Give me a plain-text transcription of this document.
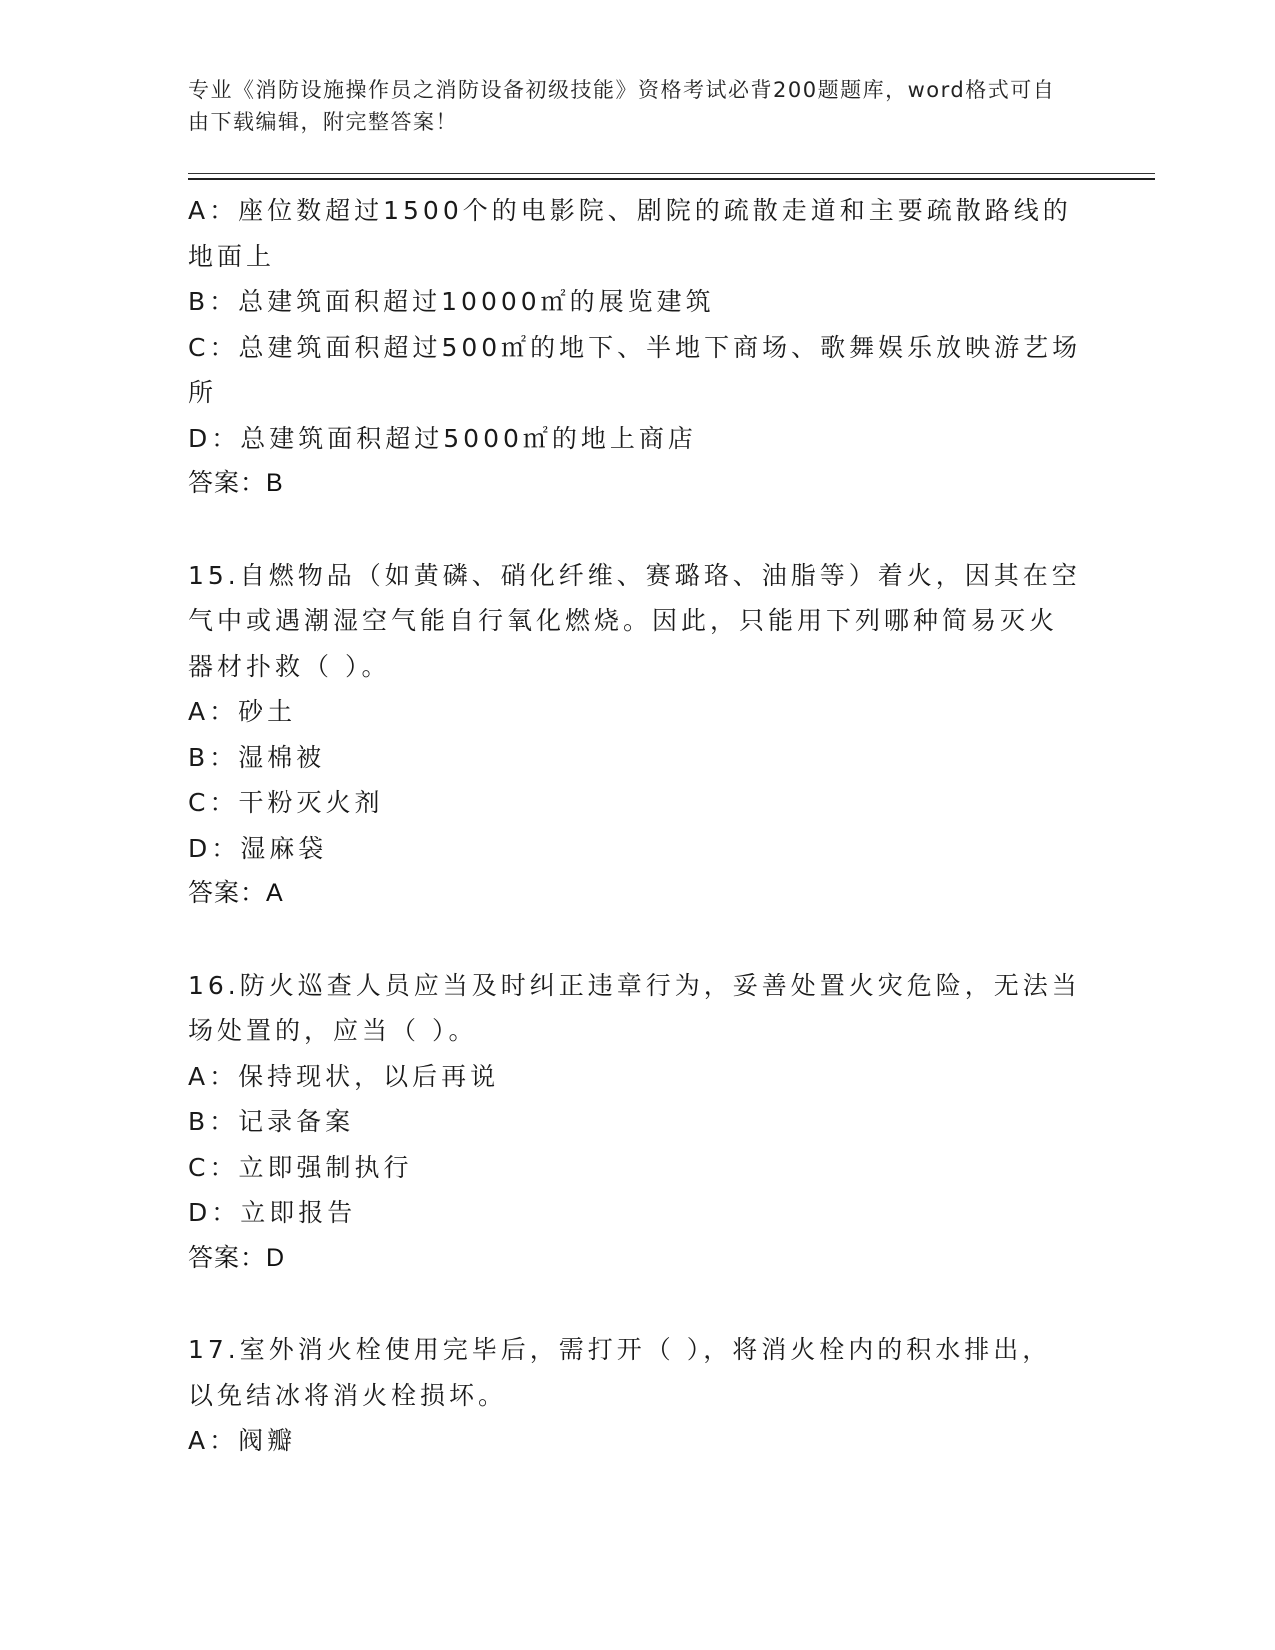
专业《消防设施操作员之消防设备初级技能》资格考试必背200题题库，word格式可自由下载编辑，附完整答案！
A：座位数超过1500个的电影院、剧院的疏散走道和主要疏散路线的
地面上
B：总建筑面积超过10000㎡的展览建筑
C：总建筑面积超过500㎡的地下、半地下商场、歌舞娱乐放映游艺场
所
D：总建筑面积超过5000㎡的地上商店
答案：B
15.自燃物品（如黄磷、硝化纤维、赛璐珞、油脂等）着火，因其在空
气中或遇潮湿空气能自行氧化燃烧。因此，只能用下列哪种简易灭火
器材扑救（ ）。
A：砂土
B：湿棉被
C：干粉灭火剂
D：湿麻袋
答案：A
16.防火巡查人员应当及时纠正违章行为，妥善处置火灾危险，无法当
场处置的，应当（ ）。
A：保持现状，以后再说
B：记录备案
C：立即强制执行
D：立即报告
答案：D
17.室外消火栓使用完毕后，需打开（ ），将消火栓内的积水排出，
以免结冰将消火栓损坏。
A：阀瓣
